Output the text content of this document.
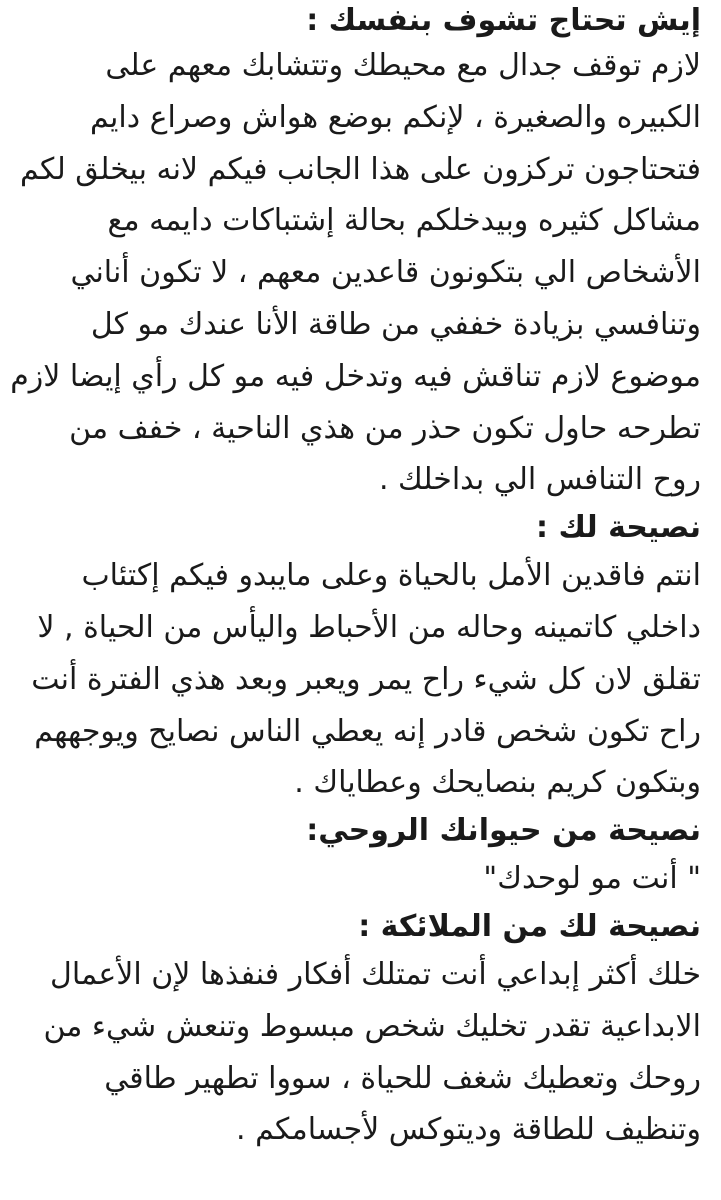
إيش تحتاج تشوف بنفسك :
لازم توقف جدال مع محيطك وتتشابك معهم على
الكبيره والصغيرة ، لإنكم بوضع هواش وصراع دايم
فتحتاجون تركزون على هذا الجانب فيكم لانه بيخلق لكم
مشاكل كثيره وبيدخلكم بحالة إشتباكات دايمه مع
الأشخاص الي بتكونون قاعدين معهم ، لا تكون أناني
وتنافسي بزيادة خففي من طاقة الأنا عندك مو كل
موضوع لازم تناقش فيه وتدخل فيه مو كل رأي إيضا لازم
تطرحه حاول تكون حذر من هذي الناحية ، خفف من
روح التنافس الي بداخلك .
نصيحة لك :
انتم فاقدين الأمل بالحياة وعلى مايبدو فيكم إكتئاب
داخلي كاتمينه وحاله من الأحباط واليأس من الحياة , لا
تقلق لان كل شيء راح يمر ويعبر وبعد هذي الفترة أنت
راح تكون شخص قادر إنه يعطي الناس نصايح ويوجههم
وبتكون كريم بنصايحك وعطاياك .
نصيحة من حيوانك الروحي:
" أنت مو لوحدك"
نصيحة لك من الملائكة :
خلك أكثر إبداعي أنت تمتلك أفكار فنفذها لإن الأعمال
الابداعية تقدر تخليك شخص مبسوط وتنعش شيء من
روحك وتعطيك شغف للحياة ، سووا تطهير طاقي
وتنظيف للطاقة وديتوكس لأجسامكم .
